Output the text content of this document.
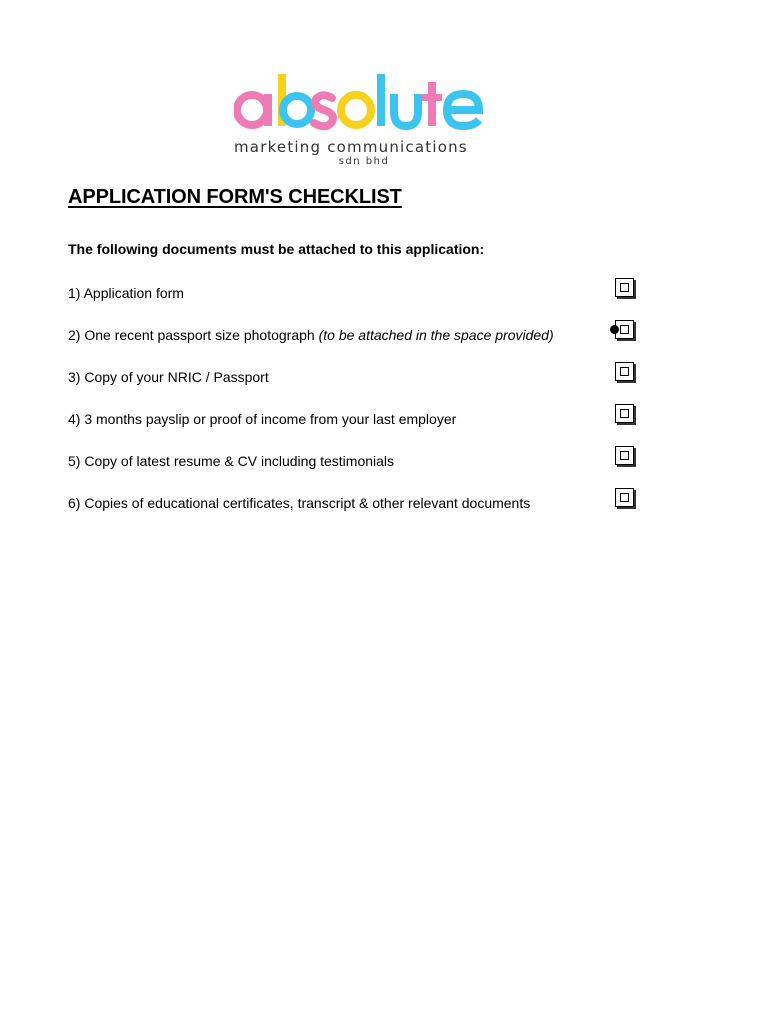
marketing communications
sdn bhd
APPLICATION FORM'S CHECKLIST
The following documents must be attached to this application:
1) Application form
2) One recent passport size photograph (to be attached in the space provided)
3) Copy of your NRIC / Passport
4) 3 months payslip or proof of income from your last employer
5) Copy of latest resume & CV including testimonials
6) Copies of educational certificates, transcript & other relevant documents
